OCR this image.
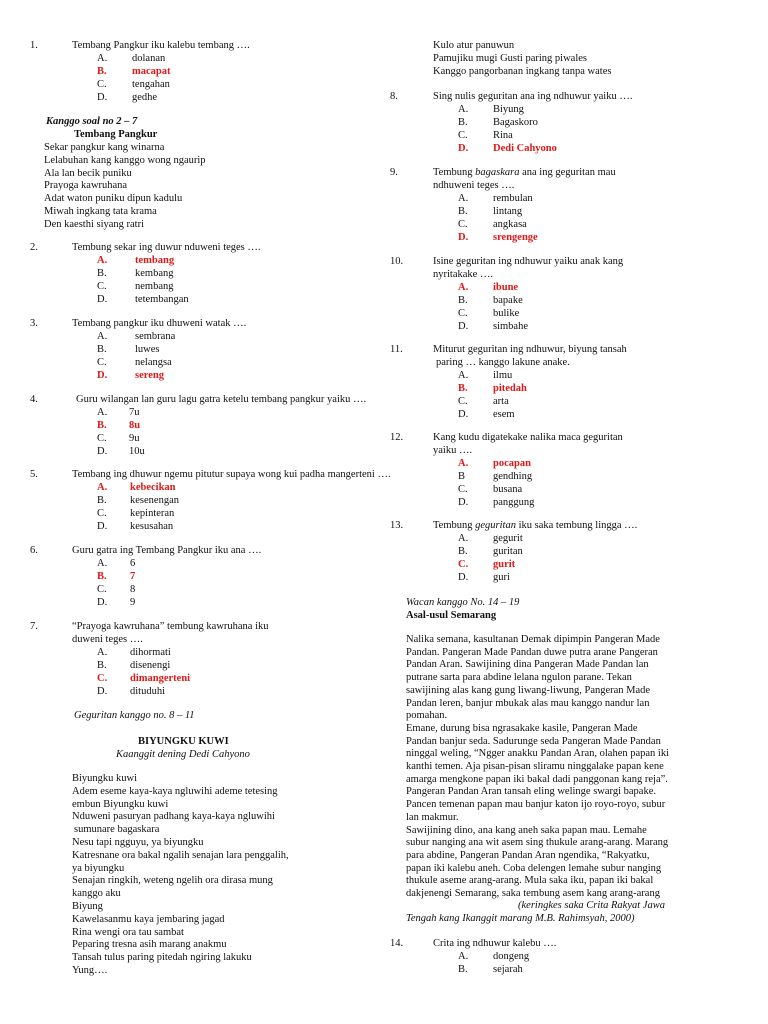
1.	Tembang Pangkur iku kalebu tembang ….
A. dolanan
B. macapat
C. tengahan
D. gedhe
Kanggo soal no 2 – 7
Tembang Pangkur
Sekar pangkur kang winarna
Lelabuhan kang kanggo wong ngaurip
Ala lan becik puniku
Prayoga kawruhana
Adat waton puniku dipun kadulu
Miwah ingkang tata krama
Den kaesthi siyang ratri
2.	Tembung sekar ing duwur nduweni teges ….
A.	tembang
B.	kembang
C.	nembang
D.	tetembangan
3.	Tembang pangkur iku dhuweni watak ….
A.	sembrana
B.	luwes
C.	nelangsa
D.	sereng
4.	Guru wilangan lan guru lagu gatra ketelu tembang pangkur yaiku ….
A. 7u
B. 8u
C. 9u
D. 10u
5.	Tembang ing dhuwur ngemu pitutur supaya wong kui padha mangerteni ….
A. kebecikan
B. kesenengan
C. kepinteran
D. kesusahan
6.	Guru gatra ing Tembang Pangkur iku ana ….
A. 6
B. 7
C. 8
D. 9
7.	“Prayoga kawruhana” tembung kawruhana iku
duweni teges ….
A. dihormati
B. disenengi
C. dimangerteni
D. dituduhi
Geguritan kanggo no. 8 – 11
BIYUNGKU KUWI
Kaanggit dening Dedi Cahyono
Biyungku kuwi
Adem eseme kaya-kaya ngluwihi ademe tetesing
embun Biyungku kuwi
Nduweni pasuryan padhang kaya-kaya ngluwihi
sumunare bagaskara
Nesu tapi ngguyu, ya biyungku
Katresnane ora bakal ngalih senajan lara penggalih,
ya biyungku
Senajan ringkih, weteng ngelih ora dirasa mung
kanggo aku
Biyung
Kawelasanmu kaya jembaring jagad
Rina wengi ora tau sambat
Peparing tresna asih marang anakmu
Tansah tulus paring pitedah ngiring lakuku
Yung….
Kulo atur panuwun
Pamujiku mugi Gusti paring piwales
Kanggo pangorbanan ingkang tanpa wates
8.	Sing nulis geguritan ana ing ndhuwur yaiku ….
A. Biyung
B. Bagaskoro
C. Rina
D. Dedi Cahyono
9.	Tembung bagaskara ana ing geguritan mau
ndhuweni teges ….
A. rembulan
B. lintang
C. angkasa
D. srengenge
10.	Isine geguritan ing ndhuwur yaiku anak kang
nyritakake ….
A. ibune
B. bapake
C. bulike
D. simbahe
11.	Miturut geguritan ing ndhuwur, biyung tansah
paring … kanggo lakune anake.
A. ilmu
B. pitedah
C. arta
D. esem
12.	Kang kudu digatekake nalika maca geguritan
yaiku ….
A. pocapan
B	gendhing
C. busana
D. panggung
13.	Tembung geguritan iku saka tembung lingga ….
A. gegurit
B. guritan
C. gurit
D. guri
Wacan kanggo No. 14 – 19
Asal-usul Semarang
Nalika semana, kasultanan Demak dipimpin Pangeran Made
Pandan. Pangeran Made Pandan duwe putra arane Pangeran
Pandan Aran. Sawijining dina Pangeran Made Pandan lan
putrane sarta para abdine lelana ngulon parane. Tekan
sawijining alas kang gung liwang-liwung, Pangeran Made
Pandan leren, banjur mbukak alas mau kanggo nandur lan
pomahan.
Emane, durung bisa ngrasakake kasile, Pangeran Made
Pandan banjur seda. Sadurunge seda Pangeran Made Pandan
ninggal weling, “Ngger anakku Pandan Aran, olahen papan iki
kanthi temen. Aja pisan-pisan sliramu ninggalake papan kene
amarga mengkone papan iki bakal dadi panggonan kang reja”.
Pangeran Pandan Aran tansah eling welinge swargi bapake.
Pancen temenan papan mau banjur katon ijo royo-royo, subur
lan makmur.
Sawijining dino, ana kang aneh saka papan mau. Lemahe
subur nanging ana wit asem sing thukule arang-arang. Marang
para abdine, Pangeran Pandan Aran ngendika, “Rakyatku,
papan iki kalebu aneh. Coba delengen lemahe subur nanging
thukule aseme arang-arang. Mula saka iku, papan iki bakal
dakjenengi Semarang, saka tembung asem kang arang-arang
(keringkes saka Crita Rakyat Jawa
Tengah kang Ikanggit marang M.B. Rahimsyah, 2000)
14.	Crita ing ndhuwur kalebu ….
A. dongeng
B. sejarah
